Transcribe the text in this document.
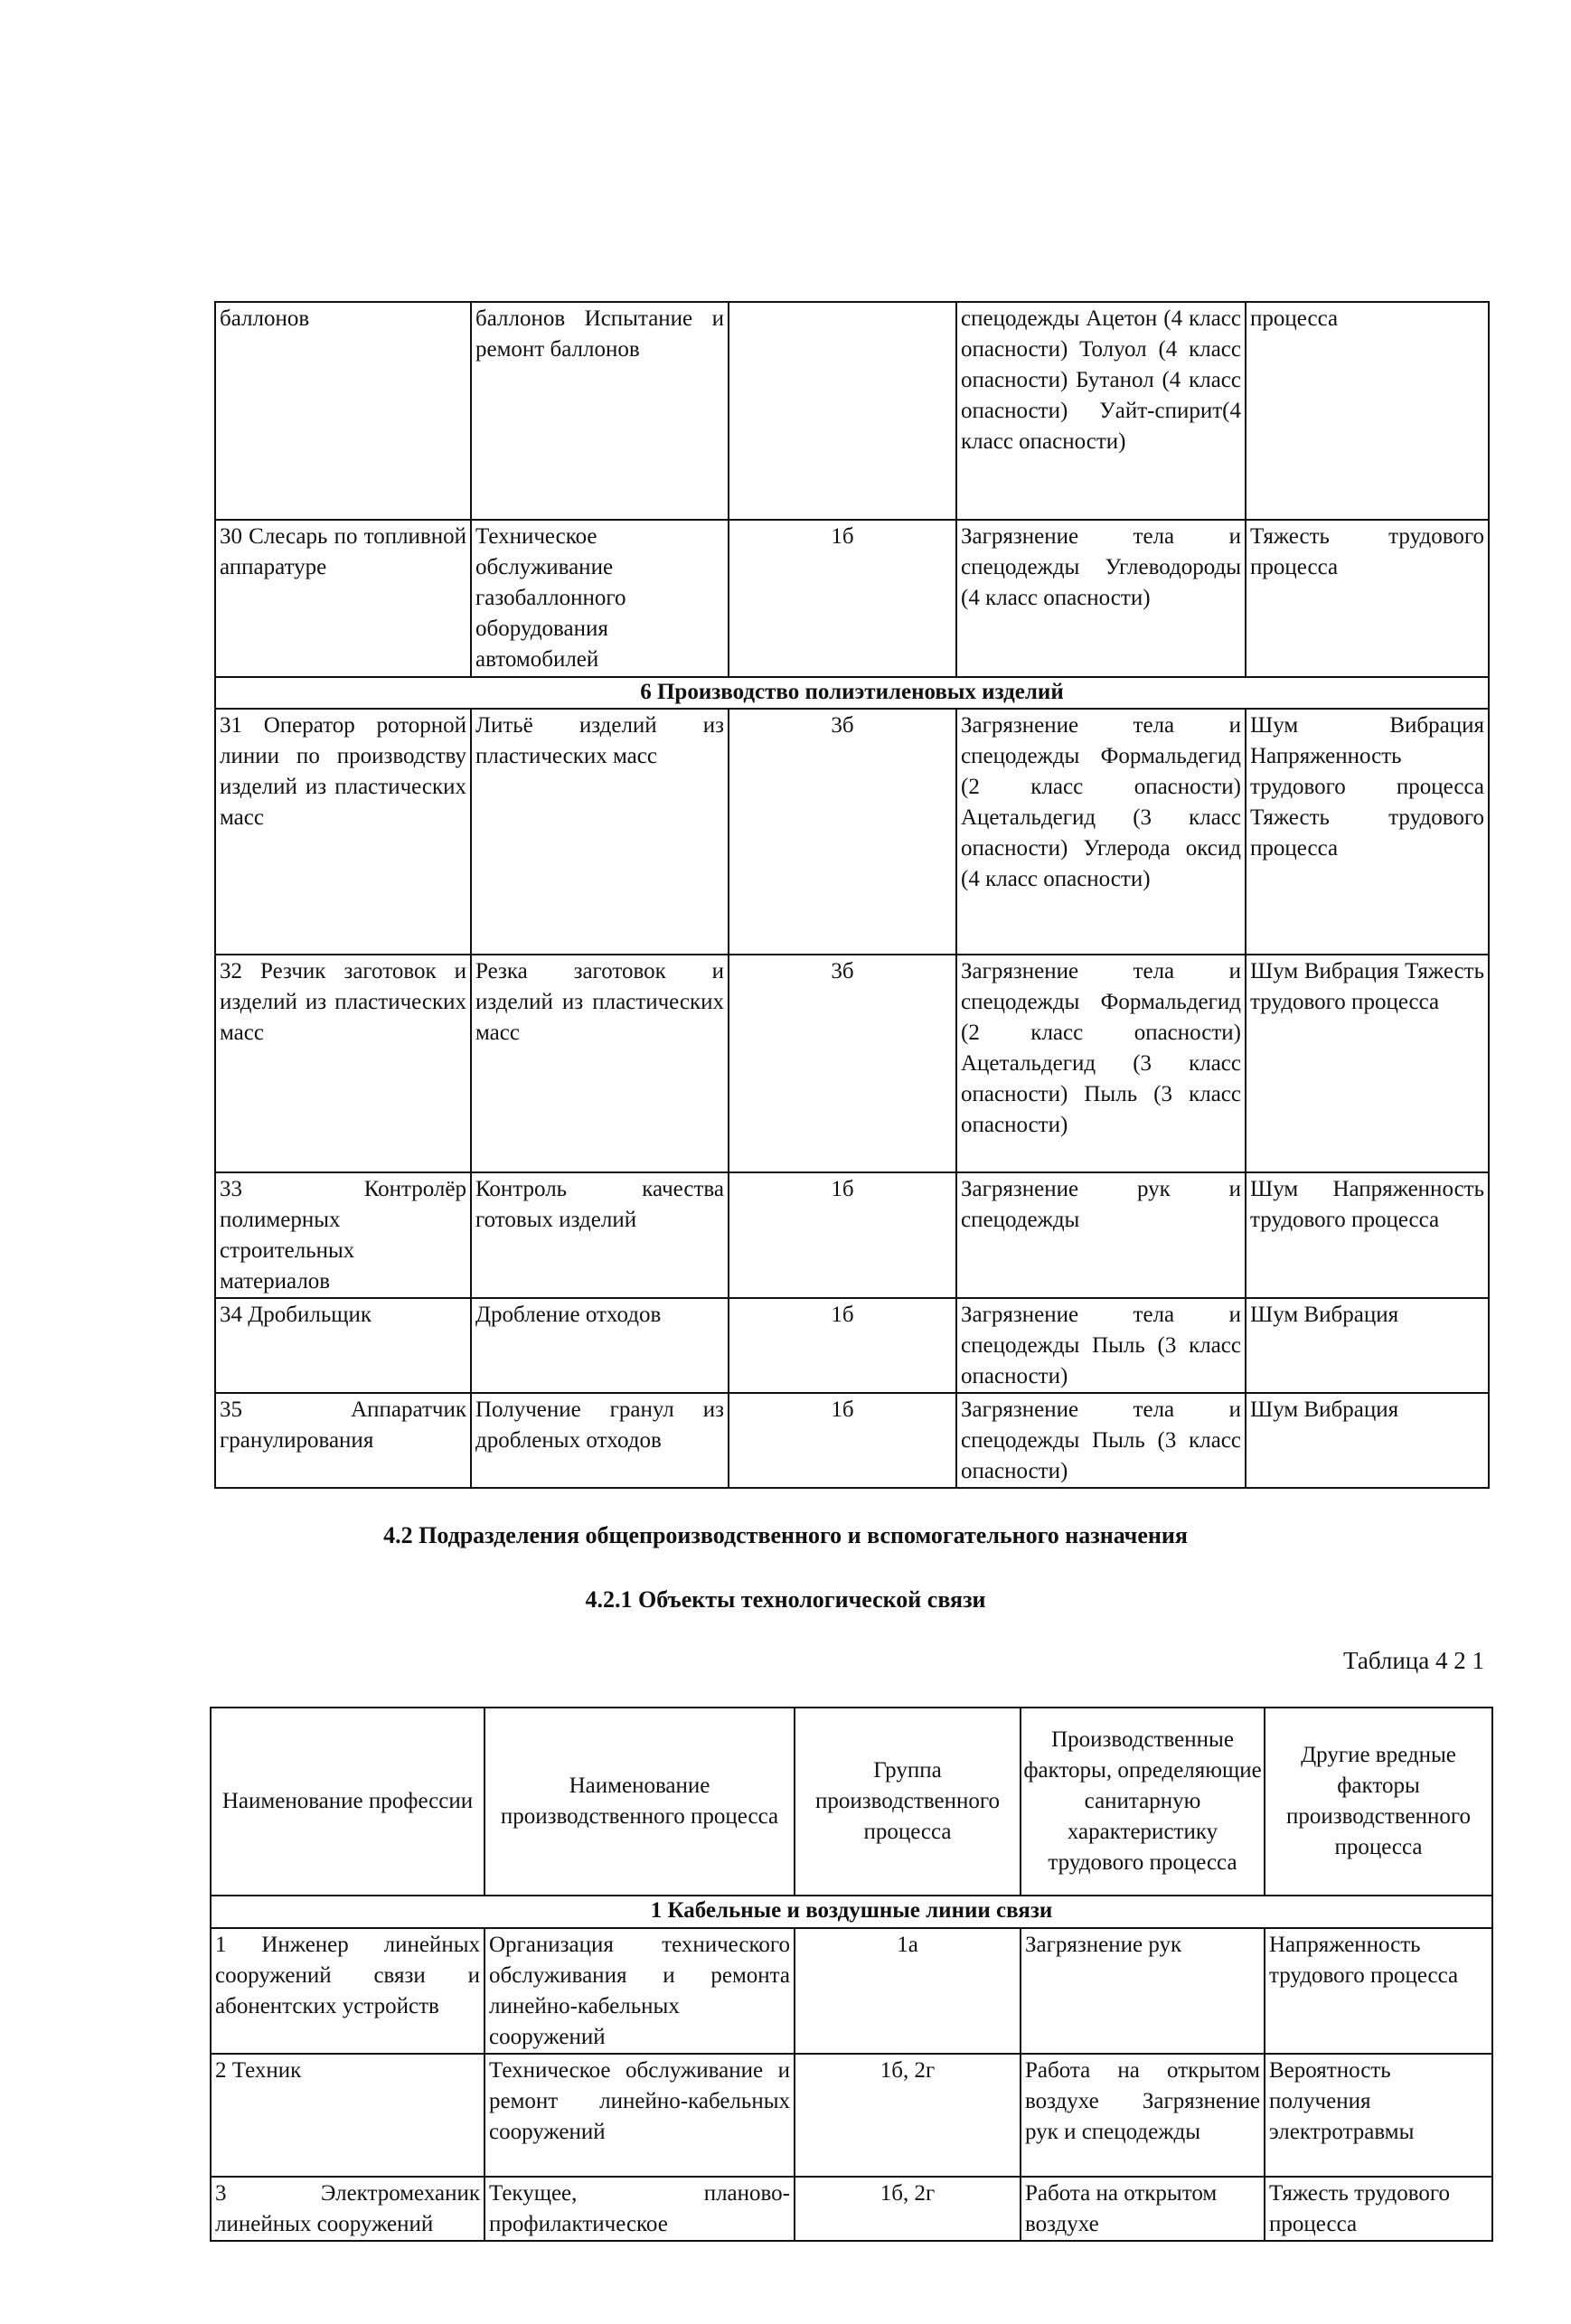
баллонов	баллонов Испытание и ремонт баллонов		спецодежды Ацетон (4 класс опасности) Толуол (4 класс опасности) Бутанол (4 класс опасности) Уайт-спирит(4 класс опасности)	процесса
30 Слесарь по топливной аппаратуре	Техническое обслуживание газобаллонного оборудования автомобилей	1б	Загрязнение тела и спецодежды Углеводороды (4 класс опасности)	Тяжесть трудового процесса
6 Производство полиэтиленовых изделий				
31 Оператор роторной линии по производству изделий из пластических масс	Литьё изделий из пластических масс	3б	Загрязнение тела и спецодежды Формальдегид (2 класс опасности) Ацетальдегид (3 класс опасности) Углерода оксид (4 класс опасности)	Шум Вибрация Напряженность трудового процесса Тяжесть трудового процесса
32 Резчик заготовок и изделий из пластических масс	Резка заготовок и изделий из пластических масс	3б	Загрязнение тела и спецодежды Формальдегид (2 класс опасности) Ацетальдегид (3 класс опасности) Пыль (3 класс опасности)	Шум Вибрация Тяжесть трудового процесса
33 Контролёр полимерных строительных материалов	Контроль качества готовых изделий	1б	Загрязнение рук и спецодежды	Шум Напряженность трудового процесса
34 Дробильщик	Дробление отходов	1б	Загрязнение тела и спецодежды Пыль (3 класс опасности)	Шум Вибрация
35 Аппаратчик гранулирования	Получение гранул из дробленых отходов	1б	Загрязнение тела и спецодежды Пыль (3 класс опасности)	Шум Вибрация
4.2 Подразделения общепроизводственного и вспомогательного назначения
4.2.1 Объекты технологической связи
Таблица 4 2 1
Наименование профессии	Наименование производственного процесса	Группа производственного процесса	Производственные факторы, определяющие санитарную характеристику трудового процесса	Другие вредные факторы производственного процесса
1 Кабельные и воздушные линии связи				
1 Инженер линейных сооружений связи и абонентских устройств	Организация технического обслуживания и ремонта линейно-кабельных сооружений	1а	Загрязнение рук	Напряженность трудового процесса
2 Техник	Техническое обслуживание и ремонт линейно-кабельных сооружений	1б, 2г	Работа на открытом воздухе Загрязнение рук и спецодежды	Вероятность получения электротравмы
3 Электромеханик линейных сооружений	Текущее, планово-профилактическое	1б, 2г	Работа на открытом воздухе	Тяжесть трудового процесса
